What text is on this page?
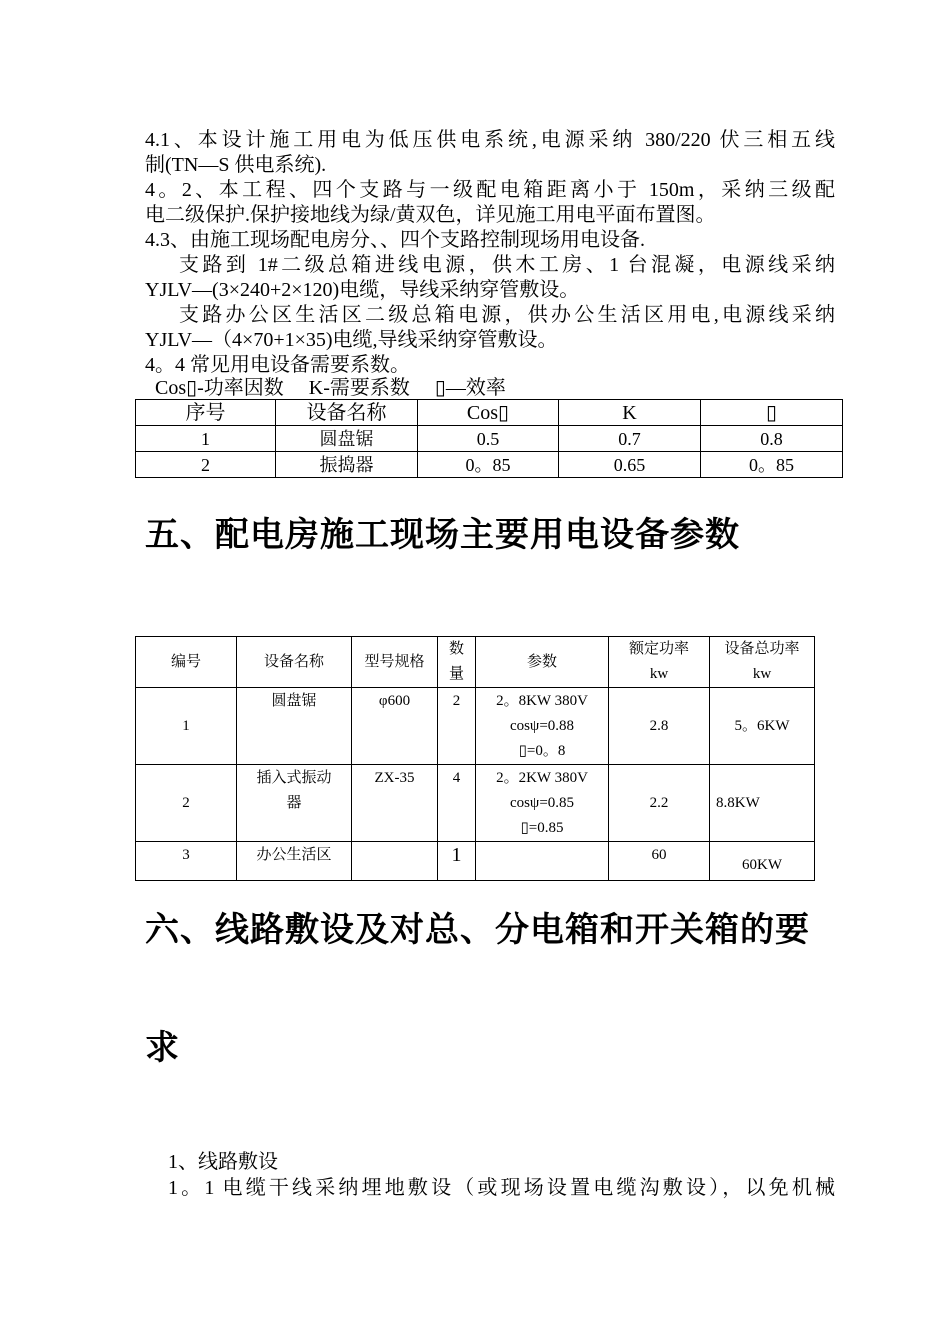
4.1、本设计施工用电为低压供电系统,电源采纳 380/220 伏三相五线
制(TN—S 供电系统).
4。2、本工程、四个支路与一级配电箱距离小于 150m，采纳三级配
电二级保护.保护接地线为绿/黄双色，详见施工用电平面布置图。
4.3、由施工现场配电房分、、四个支路控制现场用电设备.
支路到 1#二级总箱进线电源，供木工房、1 台混凝，电源线采纳
YJLV—(3×240+2×120)电缆，导线采纳穿管敷设。
支路办公区生活区二级总箱电源，供办公生活区用电,电源线采纳
YJLV—（4×70+1×35)电缆,导线采纳穿管敷设。
4。4 常见用电设备需要系数。
Cos▯-功率因数　 K-需要系数　 ▯—效率
序号	设备名称	Cos▯	K	▯
1	圆盘锯	0.5	0.7	0.8
2	振捣器	0。85	0.65	0。85
五、配电房施工现场主要用电设备参数
编号	设备名称	型号规格	数
量	参数	额定功率
kw	设备总功率
kw
1	圆盘锯	φ600	2	2。8KW 380V
cosψ=0.88
▯=0。8	2.8	5。6KW
2	插入式振动
器	ZX-35	4	2。2KW 380V
cosψ=0.85
▯=0.85	2.2	8.8KW
3	办公生活区		1		60	60KW
六、线路敷设及对总、分电箱和开关箱的要
求
1、线路敷设
1。1 电缆干线采纳埋地敷设（或现场设置电缆沟敷设），以免机械
